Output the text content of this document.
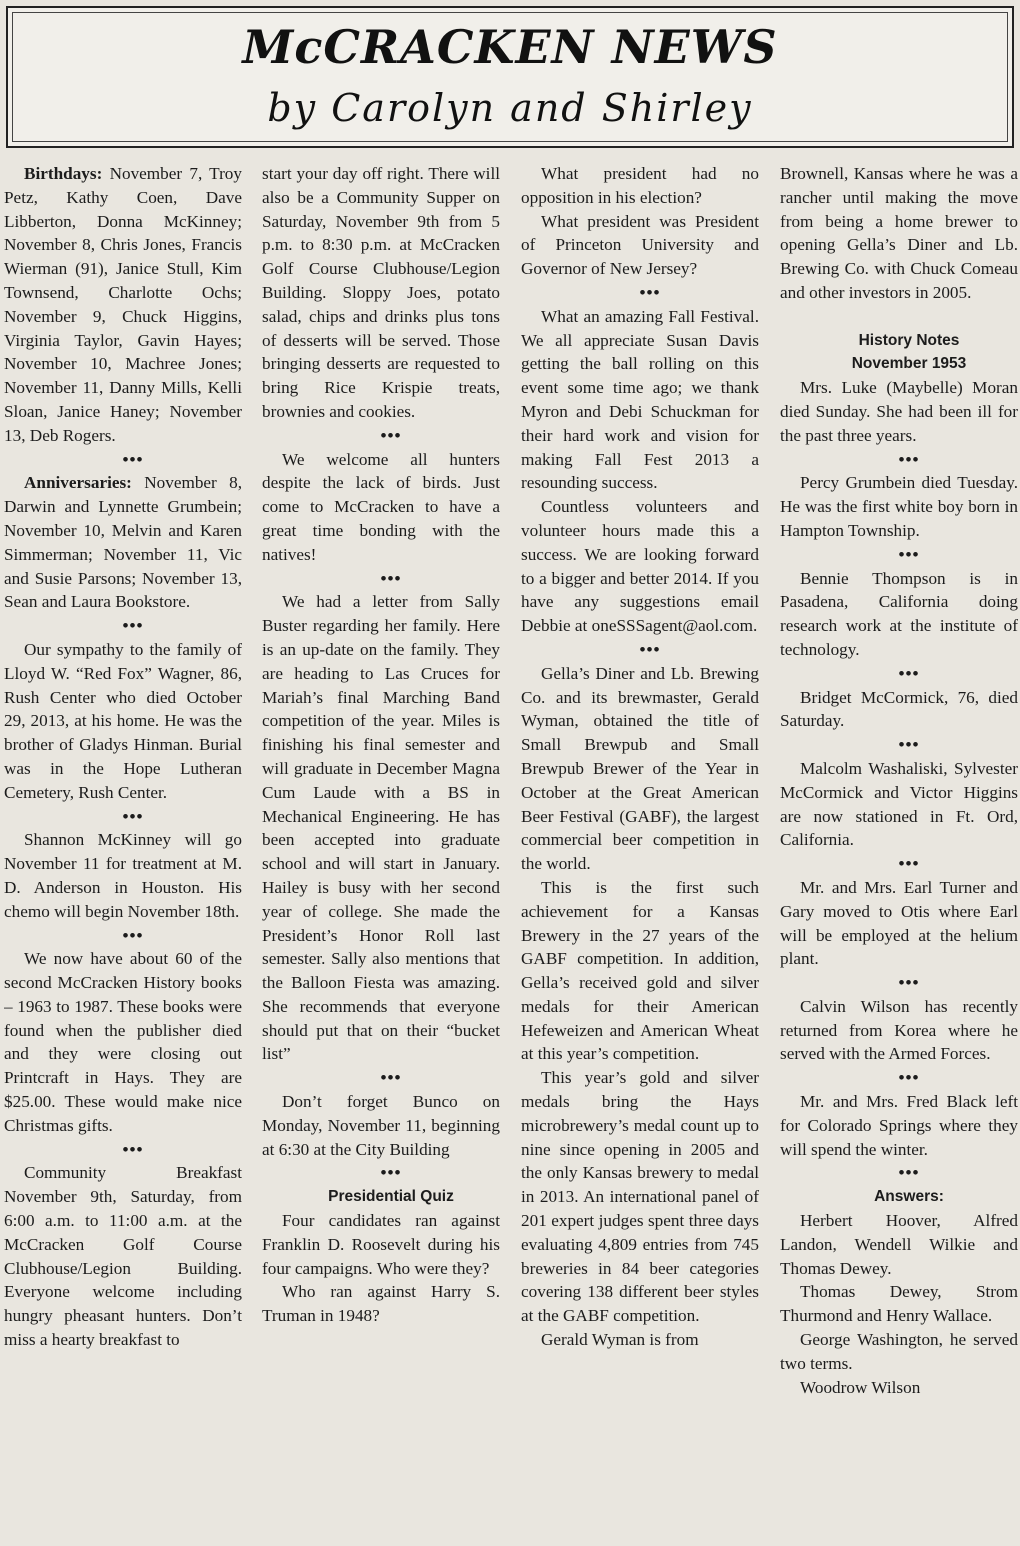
McCRACKEN NEWS
by Carolyn and Shirley

Birthdays: November 7, Troy Petz, Kathy Coen, Dave Libberton, Donna McKinney; November 8, Chris Jones, Francis Wierman (91), Janice Stull, Kim Townsend, Charlotte Ochs; November 9, Chuck Higgins, Virginia Taylor, Gavin Hayes; November 10, Machree Jones; November 11, Danny Mills, Kelli Sloan, Janice Haney; November 13, Deb Rogers.

•••

Anniversaries: November 8, Darwin and Lynnette Grumbein; November 10, Melvin and Karen Simmerman; November 11, Vic and Susie Parsons; November 13, Sean and Laura Bookstore.

•••

Our sympathy to the family of Lloyd W. “Red Fox” Wagner, 86, Rush Center who died October 29, 2013, at his home. He was the brother of Gladys Hinman. Burial was in the Hope Lutheran Cemetery, Rush Center.

•••

Shannon McKinney will go November 11 for treatment at M. D. Anderson in Houston. His chemo will begin November 18th.

•••

We now have about 60 of the second McCracken History books – 1963 to 1987. These books were found when the publisher died and they were closing out Printcraft in Hays. They are $25.00. These would make nice Christmas gifts.

•••

Community Breakfast November 9th, Saturday, from 6:00 a.m. to 11:00 a.m. at the McCracken Golf Course Clubhouse/Legion Building. Everyone welcome including hungry pheasant hunters. Don’t miss a hearty breakfast to

start your day off right. There will also be a Community Supper on Saturday, November 9th from 5 p.m. to 8:30 p.m. at McCracken Golf Course Clubhouse/Legion Building. Sloppy Joes, potato salad, chips and drinks plus tons of desserts will be served. Those bringing desserts are requested to bring Rice Krispie treats, brownies and cookies.

•••

We welcome all hunters despite the lack of birds. Just come to McCracken to have a great time bonding with the natives!

•••

We had a letter from Sally Buster regarding her family. Here is an up-date on the family. They are heading to Las Cruces for Mariah’s final Marching Band competition of the year. Miles is finishing his final semester and will graduate in December Magna Cum Laude with a BS in Mechanical Engineering. He has been accepted into graduate school and will start in January. Hailey is busy with her second year of college. She made the President’s Honor Roll last semester. Sally also mentions that the Balloon Fiesta was amazing. She recommends that everyone should put that on their “bucket list”

•••

Don’t forget Bunco on Monday, November 11, beginning at 6:30 at the City Building

•••

Presidential Quiz

Four candidates ran against Franklin D. Roosevelt during his four campaigns. Who were they?

Who ran against Harry S. Truman in 1948?

What president had no opposition in his election?

What president was President of Princeton University and Governor of New Jersey?

•••

What an amazing Fall Festival. We all appreciate Susan Davis getting the ball rolling on this event some time ago; we thank Myron and Debi Schuckman for their hard work and vision for making Fall Fest 2013 a resounding success.

Countless volunteers and volunteer hours made this a success. We are looking forward to a bigger and better 2014. If you have any suggestions email Debbie at oneSSSagent@aol.com.

•••

Gella’s Diner and Lb. Brewing Co. and its brewmaster, Gerald Wyman, obtained the title of Small Brewpub and Small Brewpub Brewer of the Year in October at the Great American Beer Festival (GABF), the largest commercial beer competition in the world.

This is the first such achievement for a Kansas Brewery in the 27 years of the GABF competition. In addition, Gella’s received gold and silver medals for their American Hefeweizen and American Wheat at this year’s competition.

This year’s gold and silver medals bring the Hays microbrewery’s medal count up to nine since opening in 2005 and the only Kansas brewery to medal in 2013. An international panel of 201 expert judges spent three days evaluating 4,809 entries from 745 breweries in 84 beer categories covering 138 different beer styles at the GABF competition.

Gerald Wyman is from

Brownell, Kansas where he was a rancher until making the move from being a home brewer to opening Gella’s Diner and Lb. Brewing Co. with Chuck Comeau and other investors in 2005.

History Notes

November 1953

Mrs. Luke (Maybelle) Moran died Sunday. She had been ill for the past three years.

•••

Percy Grumbein died Tuesday. He was the first white boy born in Hampton Township.

•••

Bennie Thompson is in Pasadena, California doing research work at the institute of technology.

•••

Bridget McCormick, 76, died Saturday.

•••

Malcolm Washaliski, Sylvester McCormick and Victor Higgins are now stationed in Ft. Ord, California.

•••

Mr. and Mrs. Earl Turner and Gary moved to Otis where Earl will be employed at the helium plant.

•••

Calvin Wilson has recently returned from Korea where he served with the Armed Forces.

•••

Mr. and Mrs. Fred Black left for Colorado Springs where they will spend the winter.

•••

Answers:

Herbert Hoover, Alfred Landon, Wendell Wilkie and Thomas Dewey.

Thomas Dewey, Strom Thurmond and Henry Wallace.

George Washington, he served two terms.

Woodrow Wilson
